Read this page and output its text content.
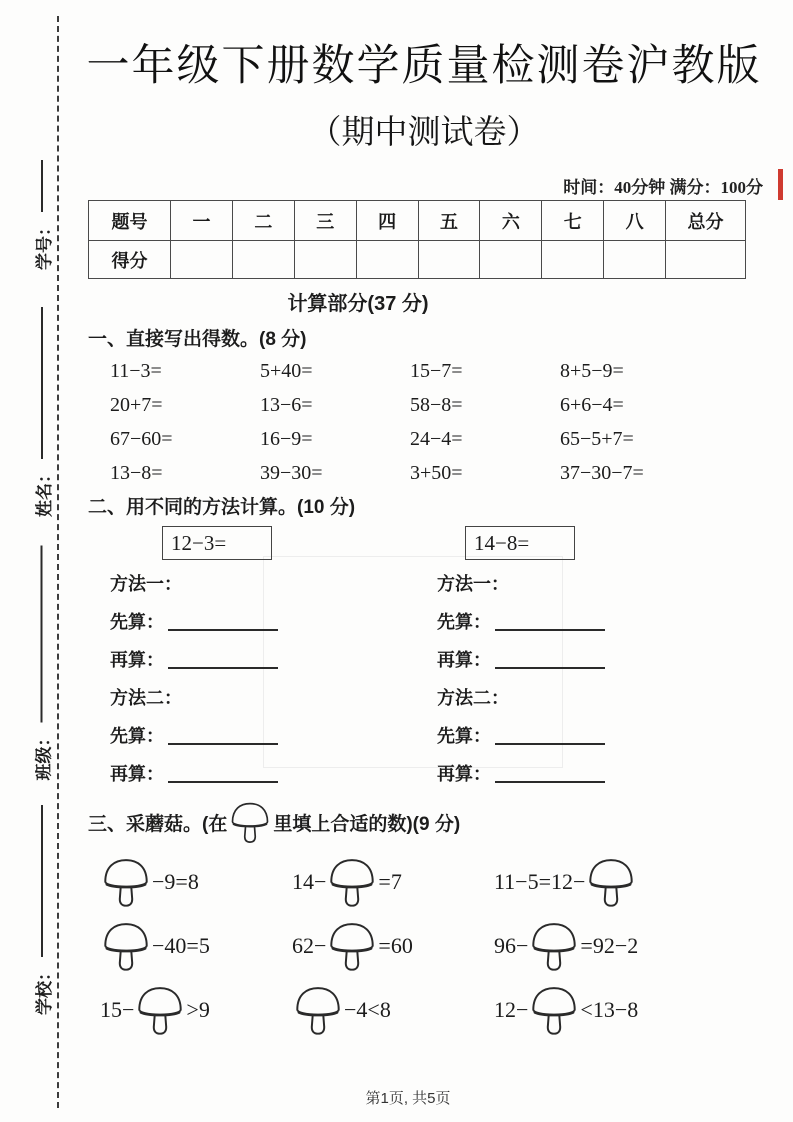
学号：
姓名：
班级：
学校：
一年级下册数学质量检测卷沪教版
（期中测试卷）
时间：40分钟 满分：100分
题号	一	二	三	四	五	六	七	八	总分
得分									
计算部分(37 分)
一、直接写出得数。(8 分)
11−3=	5+40=	15−7=	8+5−9=
20+7=	13−6=	58−8=	6+6−4=
67−60=	16−9=	24−4=	65−5+7=
13−8=	39−30=	3+50=	37−30−7=
二、用不同的方法计算。(10 分)
12−3=
方法一：
先算：
再算：
方法二：
先算：
再算：
14−8=
方法一：
先算：
再算：
方法二：
先算：
再算：
三、采蘑菇。(在 里填上合适的数)(9 分)
−9=8	14− =7	11−5=12−
−40=5	62− =60	96− =92−2
15− >9	−4<8	12− <13−8
第1页, 共5页
